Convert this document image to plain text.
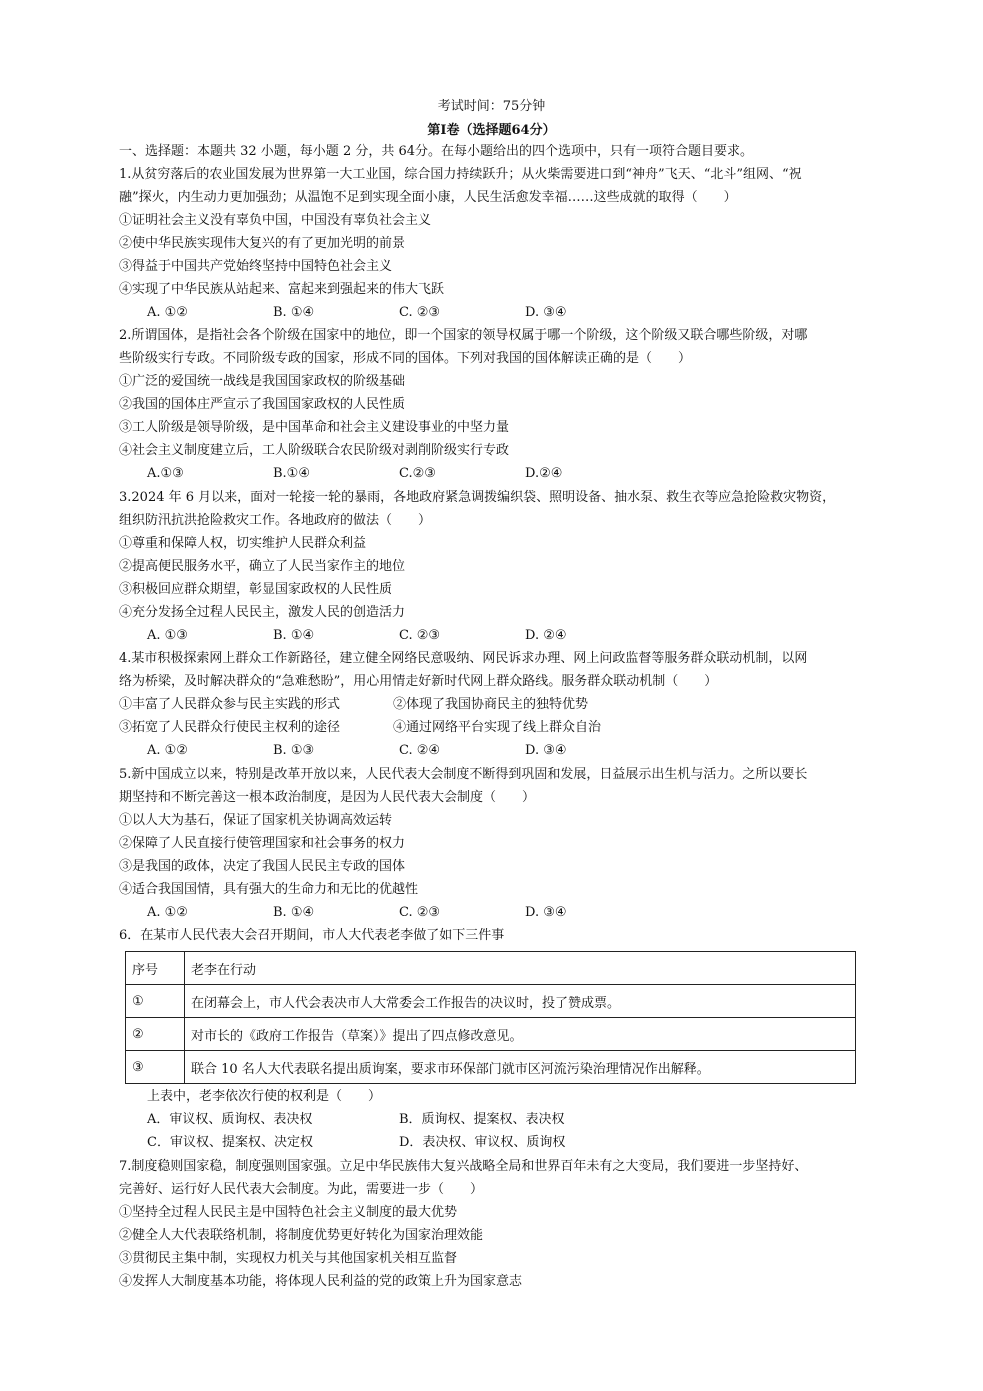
考试时间：75分钟
第Ⅰ卷（选择题64分）
一、选择题：本题共 32 小题，每小题 2 分，共 64分。在每小题给出的四个选项中，只有一项符合题目要求。
1.从贫穷落后的农业国发展为世界第一大工业国，综合国力持续跃升；从火柴需要进口到“神舟”飞天、“北斗”组网、“祝
融”探火，内生动力更加强劲；从温饱不足到实现全面小康，人民生活愈发幸福……这些成就的取得（　　）
①证明社会主义没有辜负中国，中国没有辜负社会主义
②使中华民族实现伟大复兴的有了更加光明的前景
③得益于中国共产党始终坚持中国特色社会主义
④实现了中华民族从站起来、富起来到强起来的伟大飞跃
A. ①②	B. ①④	C. ②③	D. ③④
2.所谓国体，是指社会各个阶级在国家中的地位，即一个国家的领导权属于哪一个阶级，这个阶级又联合哪些阶级，对哪
些阶级实行专政。不同阶级专政的国家，形成不同的国体。下列对我国的国体解读正确的是（　　）
①广泛的爱国统一战线是我国国家政权的阶级基础
②我国的国体庄严宣示了我国国家政权的人民性质
③工人阶级是领导阶级，是中国革命和社会主义建设事业的中坚力量
④社会主义制度建立后，工人阶级联合农民阶级对剥削阶级实行专政
A.①③	B.①④	C.②③	D.②④
3.2024 年 6 月以来，面对一轮接一轮的暴雨，各地政府紧急调拨编织袋、照明设备、抽水泵、救生衣等应急抢险救灾物资，
组织防汛抗洪抢险救灾工作。各地政府的做法（　　）
①尊重和保障人权，切实维护人民群众利益
②提高便民服务水平，确立了人民当家作主的地位
③积极回应群众期望，彰显国家政权的人民性质
④充分发扬全过程人民民主，激发人民的创造活力
A. ①③	B. ①④	C. ②③	D. ②④
4.某市积极探索网上群众工作新路径，建立健全网络民意吸纳、网民诉求办理、网上问政监督等服务群众联动机制，以网
络为桥梁，及时解决群众的“急难愁盼”，用心用情走好新时代网上群众路线。服务群众联动机制（　　）
①丰富了人民群众参与民主实践的形式	②体现了我国协商民主的独特优势
③拓宽了人民群众行使民主权利的途径	④通过网络平台实现了线上群众自治
A. ①②	B. ①③	C. ②④	D. ③④
5.新中国成立以来，特别是改革开放以来，人民代表大会制度不断得到巩固和发展，日益展示出生机与活力。之所以要长
期坚持和不断完善这一根本政治制度，是因为人民代表大会制度（　　）
①以人大为基石，保证了国家机关协调高效运转
②保障了人民直接行使管理国家和社会事务的权力
③是我国的政体，决定了我国人民民主专政的国体
④适合我国国情，具有强大的生命力和无比的优越性
A. ①②	B. ①④	C. ②③	D. ③④
6．在某市人民代表大会召开期间，市人大代表老李做了如下三件事
序号	老李在行动
①	在闭幕会上，市人代会表决市人大常委会工作报告的决议时，投了赞成票。
②	对市长的《政府工作报告（草案）》提出了四点修改意见。
③	联合 10 名人大代表联名提出质询案，要求市环保部门就市区河流污染治理情况作出解释。
上表中，老李依次行使的权利是（　　）
A．审议权、质询权、表决权	B．质询权、提案权、表决权
C．审议权、提案权、决定权	D．表决权、审议权、质询权
7.制度稳则国家稳，制度强则国家强。立足中华民族伟大复兴战略全局和世界百年未有之大变局，我们要进一步坚持好、
完善好、运行好人民代表大会制度。为此，需要进一步（　　）
①坚持全过程人民民主是中国特色社会主义制度的最大优势
②健全人大代表联络机制，将制度优势更好转化为国家治理效能
③贯彻民主集中制，实现权力机关与其他国家机关相互监督
④发挥人大制度基本功能，将体现人民利益的党的政策上升为国家意志
